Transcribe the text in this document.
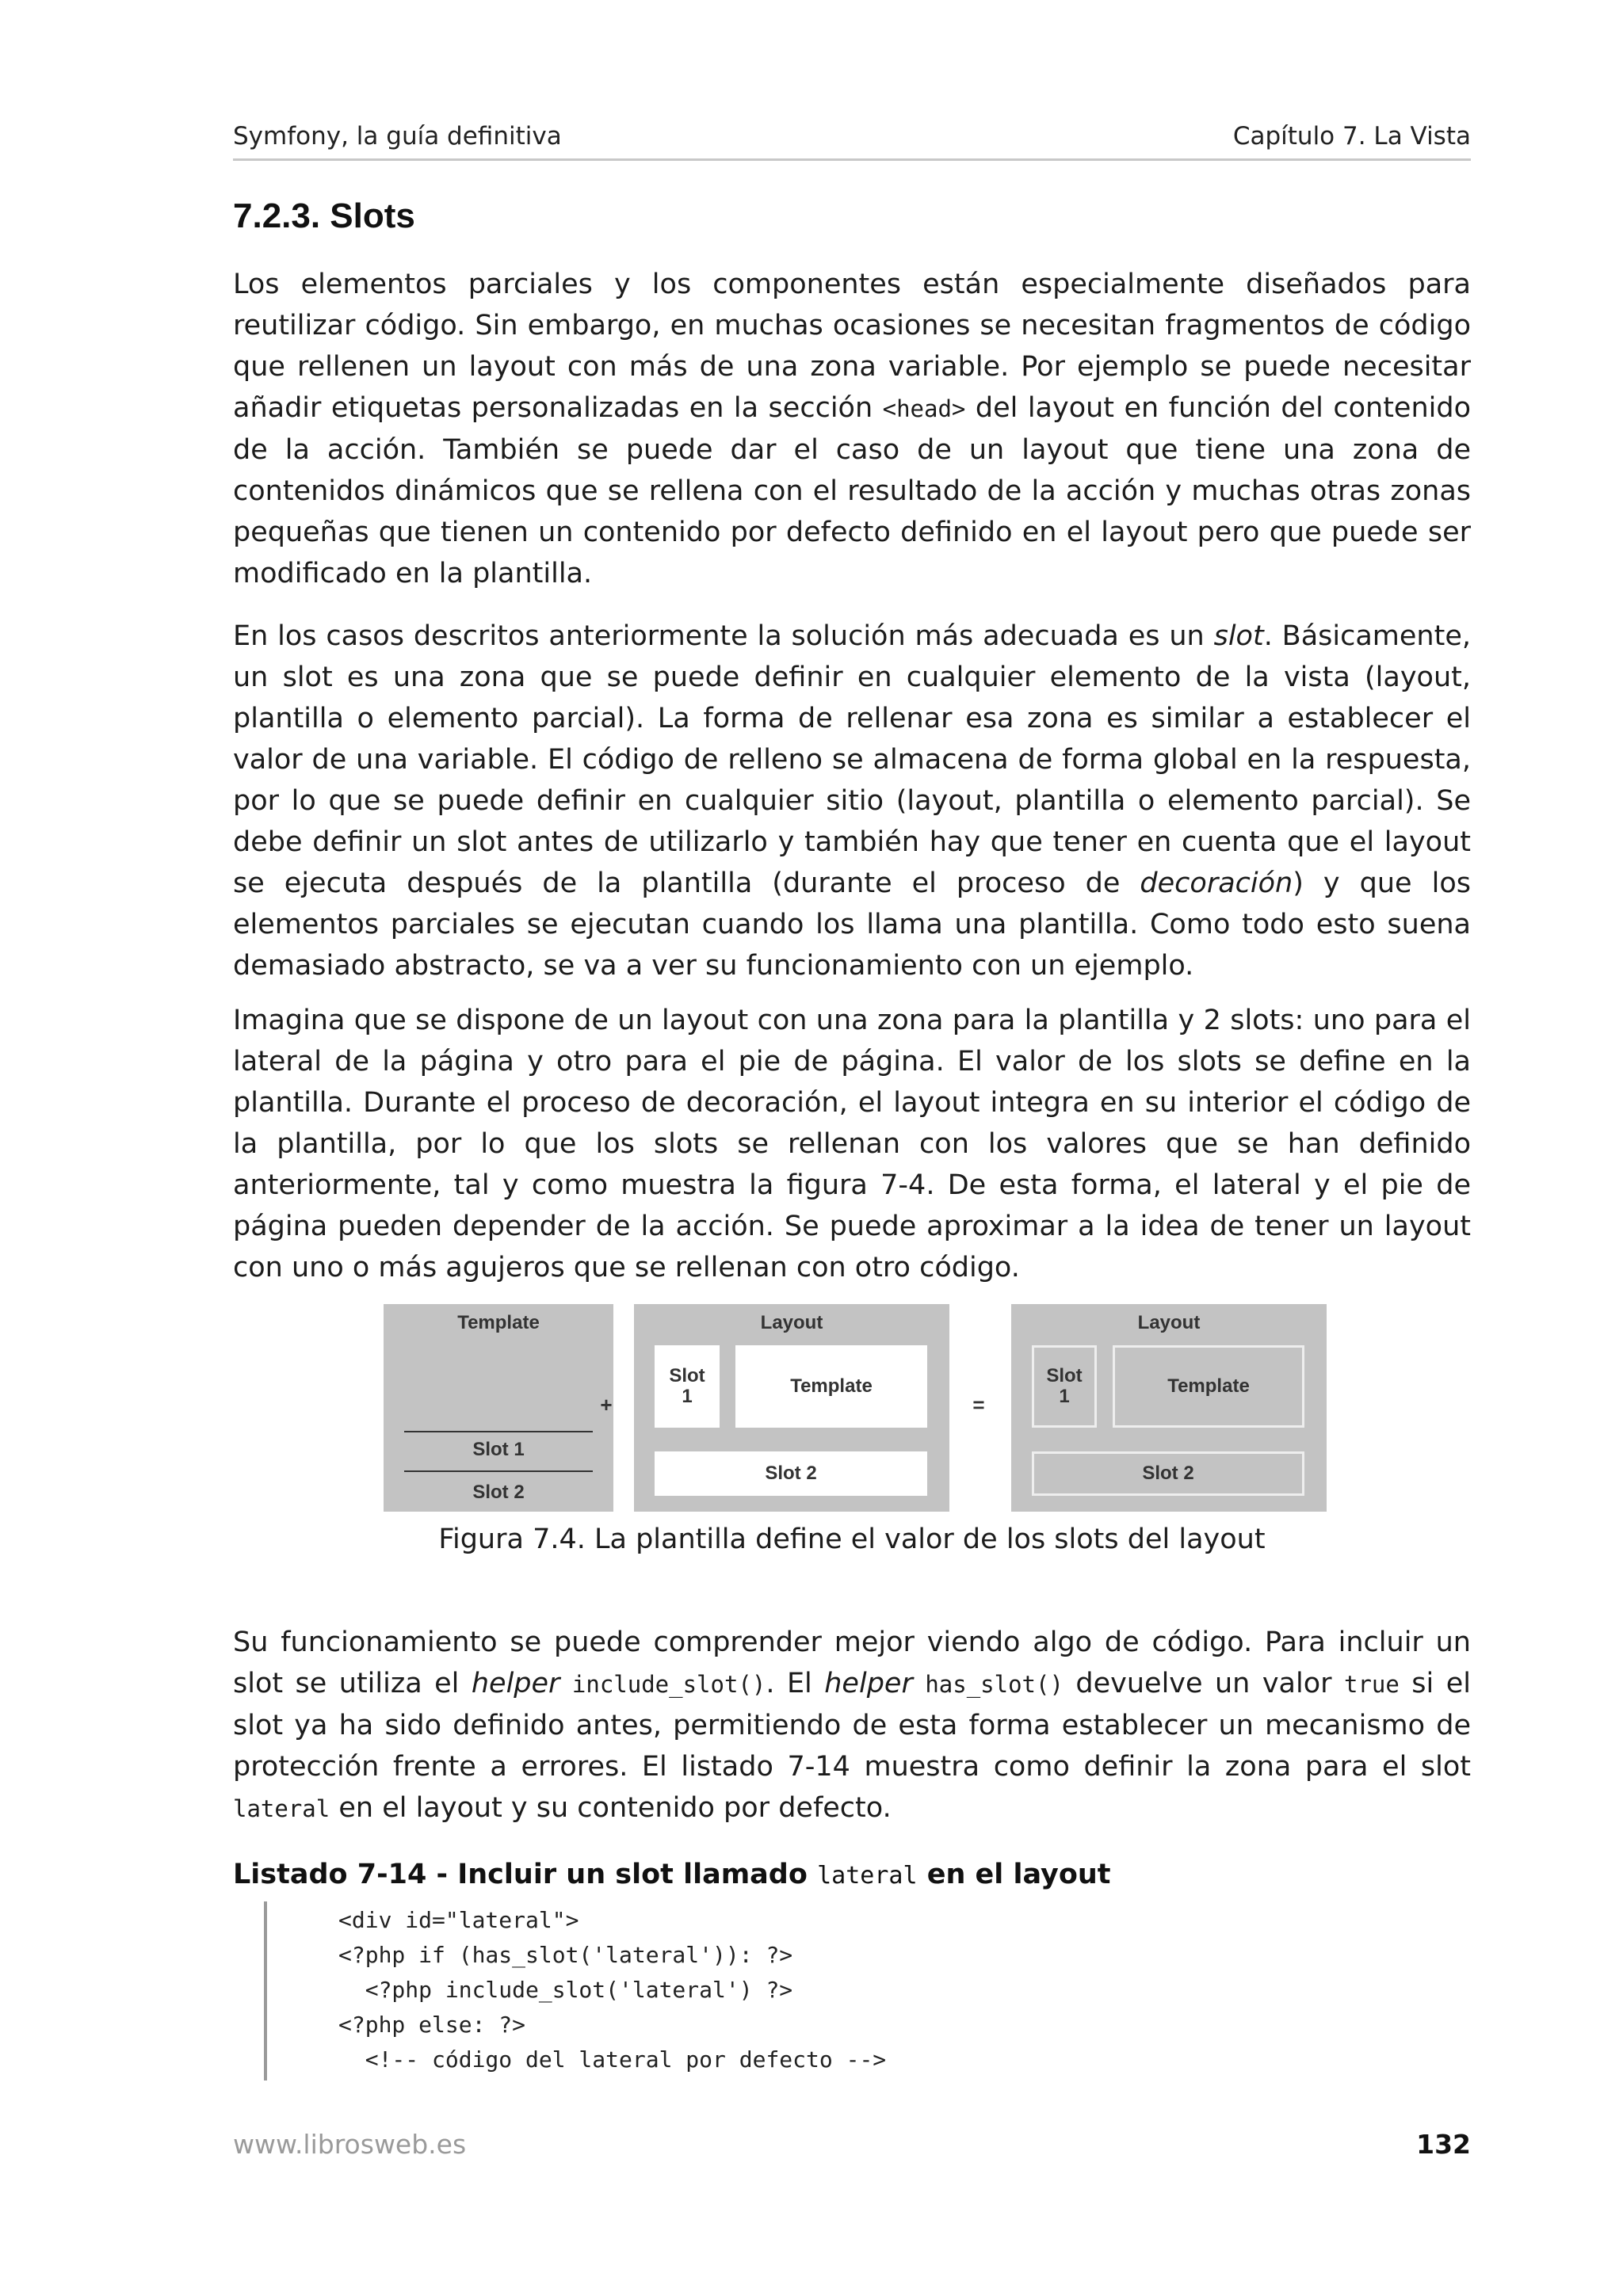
Symfony, la guía definitiva	Capítulo 7. La Vista
7.2.3. Slots

Los elementos parciales y los componentes están especialmente diseñados para reutilizar código. Sin embargo, en muchas ocasiones se necesitan fragmentos de código que rellenen un layout con más de una zona variable. Por ejemplo se puede necesitar añadir etiquetas personalizadas en la sección <head> del layout en función del contenido de la acción. También se puede dar el caso de un layout que tiene una zona de contenidos dinámicos que se rellena con el resultado de la acción y muchas otras zonas pequeñas que tienen un contenido por defecto definido en el layout pero que puede ser modificado en la plantilla.

En los casos descritos anteriormente la solución más adecuada es un slot. Básicamente, un slot es una zona que se puede definir en cualquier elemento de la vista (layout, plantilla o elemento parcial). La forma de rellenar esa zona es similar a establecer el valor de una variable. El código de relleno se almacena de forma global en la respuesta, por lo que se puede definir en cualquier sitio (layout, plantilla o elemento parcial). Se debe definir un slot antes de utilizarlo y también hay que tener en cuenta que el layout se ejecuta después de la plantilla (durante el proceso de decoración) y que los elementos parciales se ejecutan cuando los llama una plantilla. Como todo esto suena demasiado abstracto, se va a ver su funcionamiento con un ejemplo.

Imagina que se dispone de un layout con una zona para la plantilla y 2 slots: uno para el lateral de la página y otro para el pie de página. El valor de los slots se define en la plantilla. Durante el proceso de decoración, el layout integra en su interior el código de la plantilla, por lo que los slots se rellenan con los valores que se han definido anteriormente, tal y como muestra la figura 7-4. De esta forma, el lateral y el pie de página pueden depender de la acción. Se puede aproximar a la idea de tener un layout con uno o más agujeros que se rellenan con otro código.

Template
Slot 1
Slot 2
+
Layout
Slot
1	Template
Slot 2
=
Layout
Slot
1	Template
Slot 2
Figura 7.4. La plantilla define el valor de los slots del layout

Su funcionamiento se puede comprender mejor viendo algo de código. Para incluir un slot se utiliza el helper include_slot(). El helper has_slot() devuelve un valor true si el slot ya ha sido definido antes, permitiendo de esta forma establecer un mecanismo de protección frente a errores. El listado 7-14 muestra como definir la zona para el slot lateral en el layout y su contenido por defecto.

Listado 7-14 - Incluir un slot llamado lateral en el layout

<div id="lateral">
<?php if (has_slot('lateral')): ?>
<?php include_slot('lateral') ?>
<?php else: ?>
<!-- código del lateral por defecto -->
www.librosweb.es	132
